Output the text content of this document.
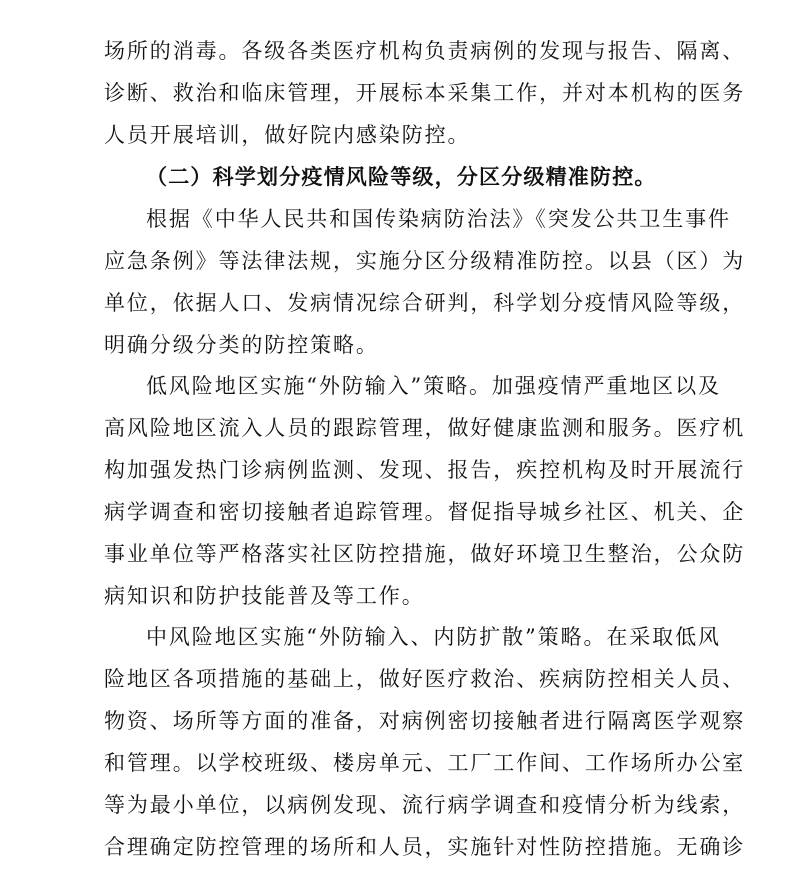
场所的消毒。各级各类医疗机构负责病例的发现与报告、隔离、
诊断、救治和临床管理，开展标本采集工作，并对本机构的医务
人员开展培训，做好院内感染防控。
（二）科学划分疫情风险等级，分区分级精准防控。
根据《中华人民共和国传染病防治法》《突发公共卫生事件
应急条例》等法律法规，实施分区分级精准防控。以县（区）为
单位，依据人口、发病情况综合研判，科学划分疫情风险等级，
明确分级分类的防控策略。
低风险地区实施“外防输入”策略。加强疫情严重地区以及
高风险地区流入人员的跟踪管理，做好健康监测和服务。医疗机
构加强发热门诊病例监测、发现、报告，疾控机构及时开展流行
病学调查和密切接触者追踪管理。督促指导城乡社区、机关、企
事业单位等严格落实社区防控措施，做好环境卫生整治，公众防
病知识和防护技能普及等工作。
中风险地区实施“外防输入、内防扩散”策略。在采取低风
险地区各项措施的基础上，做好医疗救治、疾病防控相关人员、
物资、场所等方面的准备，对病例密切接触者进行隔离医学观察
和管理。以学校班级、楼房单元、工厂工作间、工作场所办公室
等为最小单位，以病例发现、流行病学调查和疫情分析为线索，
合理确定防控管理的场所和人员，实施针对性防控措施。无确诊
